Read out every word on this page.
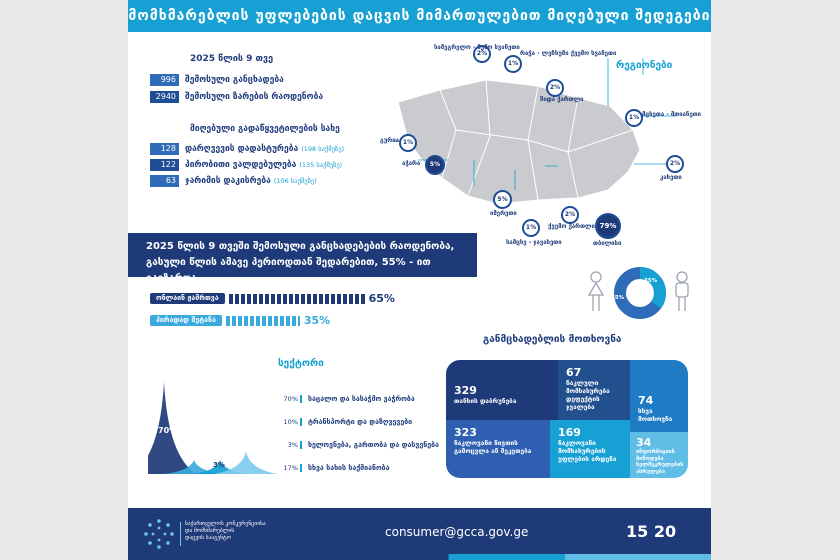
მომხმარებლის უფლებების დაცვის მიმართულებით მიღებული შედეგები
2025 წლის 9 თვე
996	შემოსული განცხადება
2940	შემოსული ზარების რაოდენობა
მიღებული გადაწყვეტილების სახე
128	დარღვევის დადასტურება (198 საქმეზე)
122	პირობითი ვალდებულება (135 საქმეზე)
63	ჯარიმის დაკისრება (106 საქმეზე)
რეგიონები
2%
სამეგრელო - ზემო სვანეთი
1%
რაჭა - ლეჩხუმი ქვემო სვანეთი
2%
შიდა ქართლი
1% მცხეთა - მთიანეთი
1%
გურია
5%
აჭარა	2%
კახეთი
5%
იმერეთი
1%
სამცხე - ჯავახეთი
2%
ქვემო ქართლი 79%
თბილისი
2025 წლის 9 თვეში შემოსული განცხადებების რაოდენობა,
გასული წლის ამავე პერიოდთან შედარებით, 55% - ით გაიზარდა
ონლაინ ჟამრთვა	65%
პირადად შეტანა	35%
65%
35%
განმცხადებლის მოთხოვნა
სექტორი
70%
10%
3%
17%
70%	საცალო და სასაჭმო ვაჭრობა
10%	ტრანსპორტი და დაზღვევები
3%	ხელოვნება, გართობა და დასვენება
17%	სხვა სახის საქმიანობა
329
თანხის დაბრუნება
67
ნაკლული მომსახურება დეფექტის ჯვალება	74
სხვა მოთხოვნა
323
ნაკლოვანი ნივთის გამოცვლა ან შეკეთება
169
ნაკლოვანი მომსახურების უფლების არდენა
34
ინფორმაციის მიწოდება ხელშეკრულების ასრულება
საქართველოს კონკურენციისა
და მომხმარებლის
დაცვის სააგენტო	consumer@gcca.gov.ge	15 20
